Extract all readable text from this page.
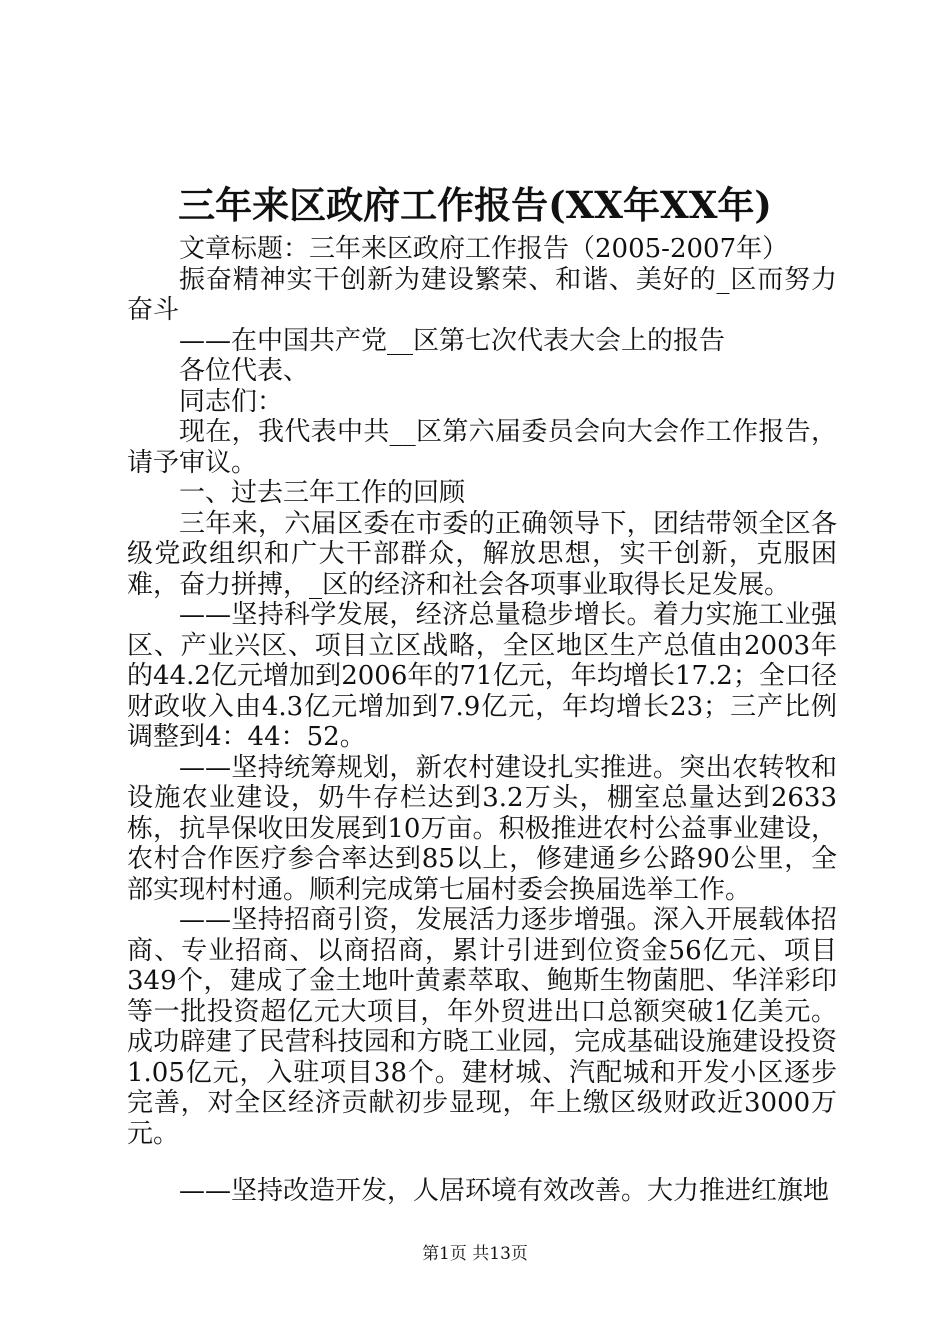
三年来区政府工作报告(XX年XX年)

文章标题：三年来区政府工作报告（2005-2007年）

振奋精神实干创新为建设繁荣、和谐、美好的_区而努力奋斗

——在中国共产党__区第七次代表大会上的报告

各位代表、

同志们：

现在，我代表中共__区第六届委员会向大会作工作报告，请予审议。

一、过去三年工作的回顾

三年来，六届区委在市委的正确领导下，团结带领全区各级党政组织和广大干部群众，解放思想，实干创新，克服困难，奋力拼搏，_区的经济和社会各项事业取得长足发展。

——坚持科学发展，经济总量稳步增长。着力实施工业强区、产业兴区、项目立区战略，全区地区生产总值由2003年的44.2亿元增加到2006年的71亿元，年均增长17.2；全口径财政收入由4.3亿元增加到7.9亿元，年均增长23；三产比例调整到4：44：52。

——坚持统筹规划，新农村建设扎实推进。突出农转牧和设施农业建设，奶牛存栏达到3.2万头，棚室总量达到2633栋，抗旱保收田发展到10万亩。积极推进农村公益事业建设，农村合作医疗参合率达到85以上，修建通乡公路90公里，全部实现村村通。顺利完成第七届村委会换届选举工作。

——坚持招商引资，发展活力逐步增强。深入开展载体招商、专业招商、以商招商，累计引进到位资金56亿元、项目349个，建成了金土地叶黄素萃取、鲍斯生物菌肥、华洋彩印等一批投资超亿元大项目，年外贸进出口总额突破1亿美元。成功辟建了民营科技园和方晓工业园，完成基础设施建设投资1.05亿元，入驻项目38个。建材城、汽配城和开发小区逐步完善，对全区经济贡献初步显现，年上缴区级财政近3000万元。

——坚持改造开发，人居环境有效改善。大力推进红旗地

第1页 共13页
